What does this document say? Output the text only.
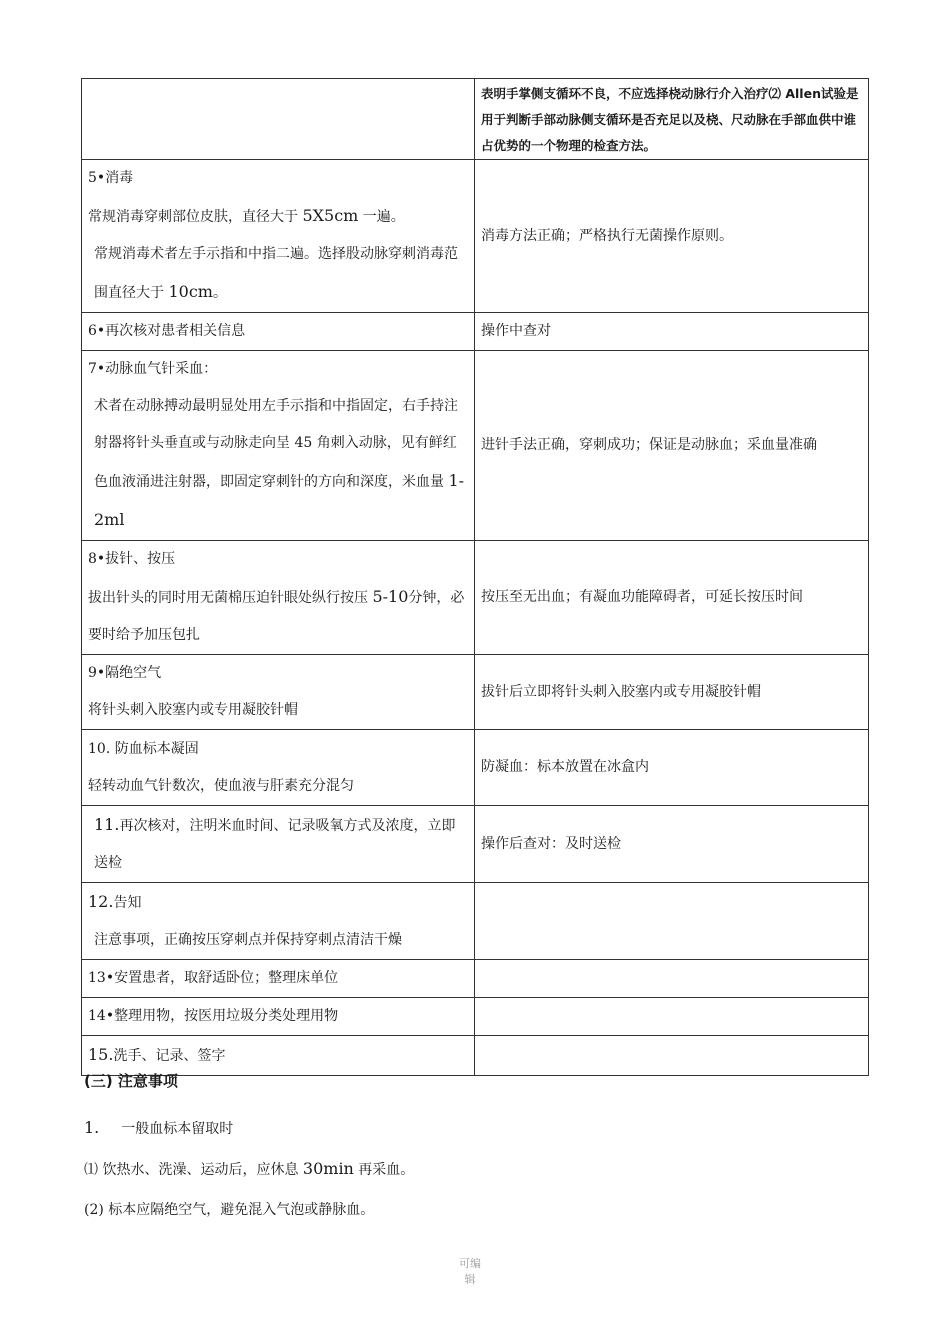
	表明手掌侧支循环不良，不应选择桡动脉行介入治疗⑵ Allen试验是用于判断手部动脉侧支循环是否充足以及桡、尺动脉在手部血供中谁占优势的一个物理的检查方法。

5•消毒
常规消毒穿刺部位皮肤，直径大于 5X5cm 一遍。
常规消毒术者左手示指和中指二遍。选择股动脉穿刺消毒范围直径大于 10cm。	消毒方法正确；严格执行无菌操作原则。
6•再次核对患者相关信息	操作中查对

7•动脉血气针采血：
术者在动脉搏动最明显处用左手示指和中指固定，右手持注射器将针头垂直或与动脉走向呈 45 角刺入动脉，见有鲜红色血液涌进注射器，即固定穿刺针的方向和深度，米血量 1-2ml	进针手法正确，穿刺成功；保证是动脉血；采血量准确

8•拔针、按压
拔出针头的同时用无菌棉压迫针眼处纵行按压 5-10分钟，必要时给予加压包扎	按压至无出血；有凝血功能障碍者，可延长按压时间

9•隔绝空气
将针头刺入胶塞内或专用凝胶针帽	拔针后立即将针头刺入胶塞内或专用凝胶针帽

10. 防血标本凝固
轻转动血气针数次，使血液与肝素充分混匀	防凝血：标本放置在冰盒内

11.再次核对，注明米血时间、记录吸氧方式及浓度，立即送检	操作后查对：及时送检

12.告知
注意事项，正确按压穿刺点并保持穿刺点清洁干燥	

13•安置患者，取舒适卧位；整理床单位	
14•整理用物，按医用垃圾分类处理用物	
15.洗手、记录、签字	
(三) 注意事项
1. 一般血标本留取时
⑴ 饮热水、洗澡、运动后，应休息 30min 再采血。
(2) 标本应隔绝空气，避免混入气泡或静脉血。
可编
辑
